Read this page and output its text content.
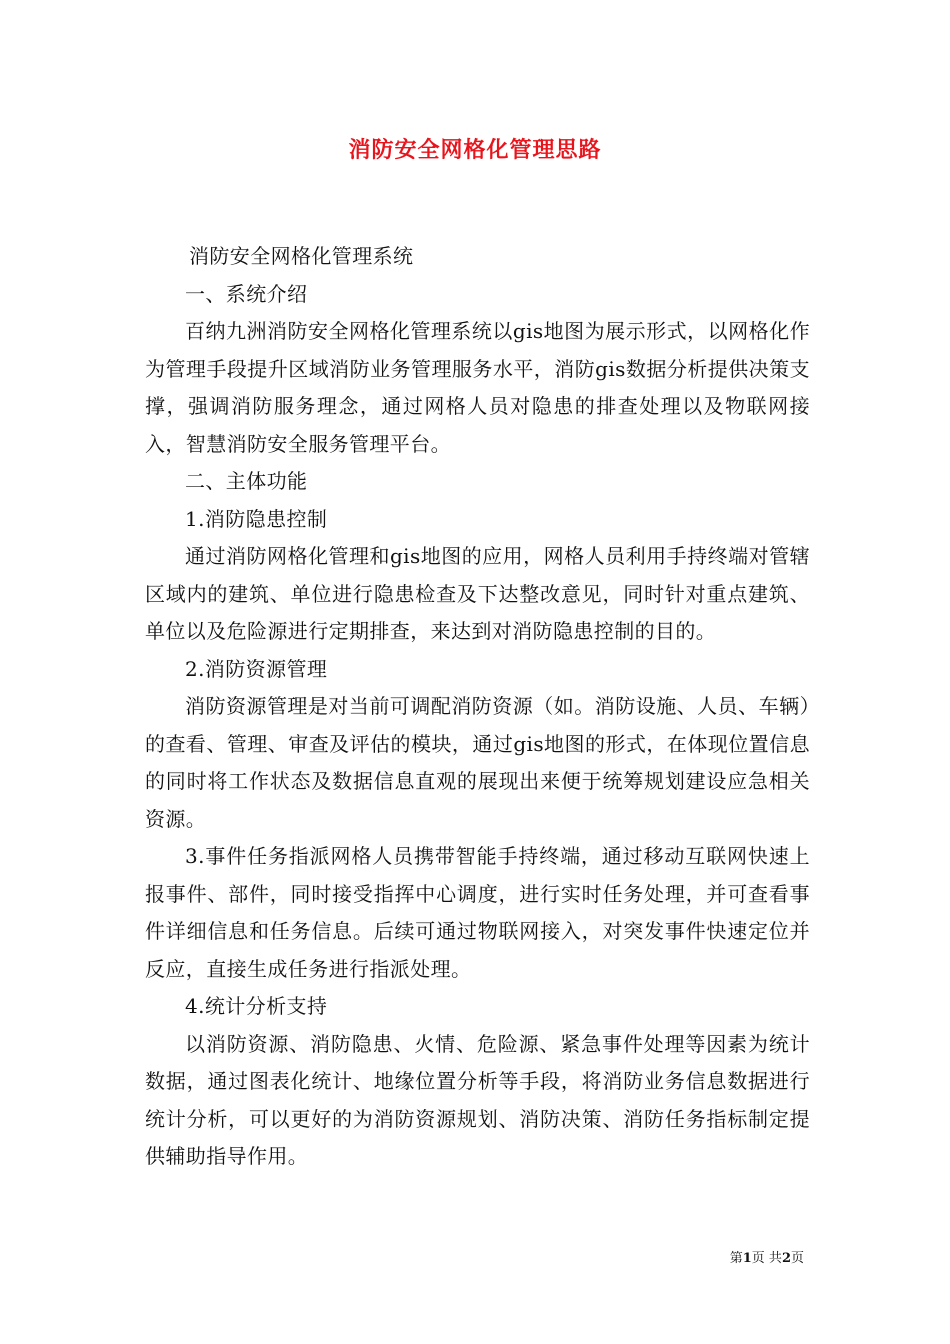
消防安全网格化管理思路

消防安全网格化管理系统

一、系统介绍

百纳九洲消防安全网格化管理系统以gis地图为展示形式，以网格化作为管理手段提升区域消防业务管理服务水平，消防gis数据分析提供决策支撑，强调消防服务理念，通过网格人员对隐患的排查处理以及物联网接入，智慧消防安全服务管理平台。

二、主体功能

1.消防隐患控制

通过消防网格化管理和gis地图的应用，网格人员利用手持终端对管辖区域内的建筑、单位进行隐患检查及下达整改意见，同时针对重点建筑、单位以及危险源进行定期排查，来达到对消防隐患控制的目的。

2.消防资源管理

消防资源管理是对当前可调配消防资源（如。消防设施、人员、车辆）的查看、管理、审查及评估的模块，通过gis地图的形式，在体现位置信息的同时将工作状态及数据信息直观的展现出来便于统筹规划建设应急相关资源。

3.事件任务指派网格人员携带智能手持终端，通过移动互联网快速上报事件、部件，同时接受指挥中心调度，进行实时任务处理，并可查看事件详细信息和任务信息。后续可通过物联网接入，对突发事件快速定位并反应，直接生成任务进行指派处理。

4.统计分析支持

以消防资源、消防隐患、火情、危险源、紧急事件处理等因素为统计数据，通过图表化统计、地缘位置分析等手段，将消防业务信息数据进行统计分析，可以更好的为消防资源规划、消防决策、消防任务指标制定提供辅助指导作用。

第1页 共2页
